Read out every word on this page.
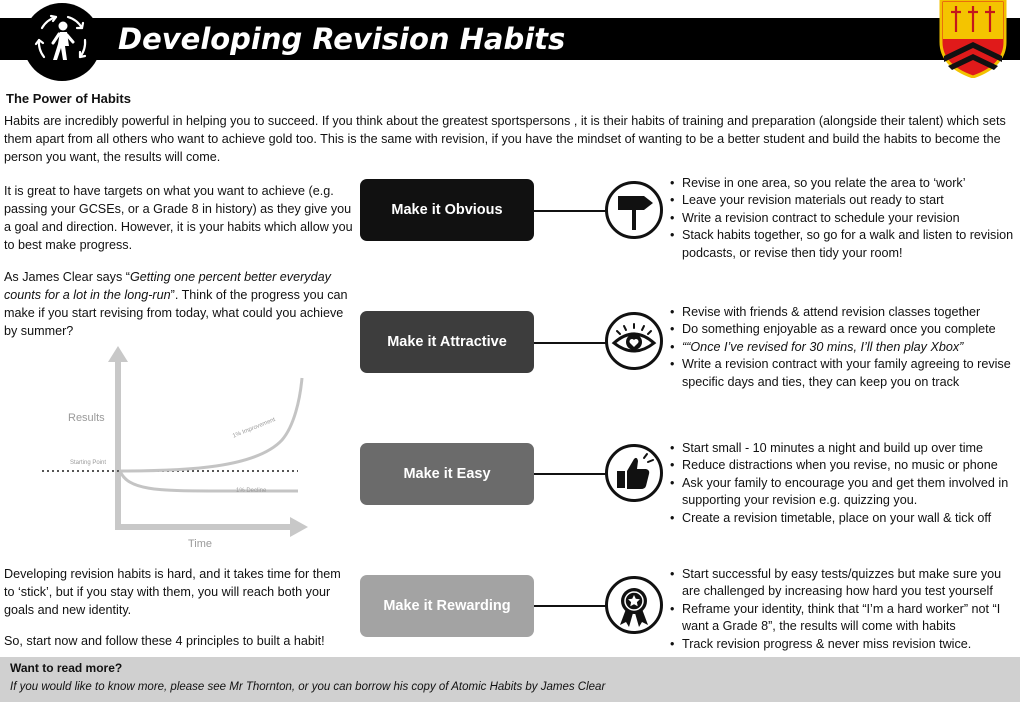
Developing Revision Habits
The Power of Habits
Habits are incredibly powerful in helping you to succeed. If you think about the greatest sportspersons , it is their habits of training and preparation (alongside their talent) which sets them apart from all others who want to achieve gold too. This is the same with revision, if you have the mindset of wanting to be a better student and build the habits to become the person you want, the results will come.
It is great to have targets on what you want to achieve (e.g. passing your GCSEs, or a Grade 8 in history) as they give you a goal and direction. However, it is your habits which allow you to best make progress.
As James Clear says “Getting one percent better everyday counts for a lot in the long-run”. Think of the progress you can make if you start revising from today, what could you achieve by summer?
Results
Time
Starting Point
1% Improvement
1% Decline
Developing revision habits is hard, and it takes time for them to ‘stick’, but if you stay with them, you will reach both your goals and new identity.
So, start now and follow these 4 principles to built a habit!
Make it Obvious
• Revise in one area, so you relate the area to ‘work’
• Leave your revision materials out ready to start
• Write a revision contract to schedule your revision
• Stack habits together, so go for a walk and listen to revision podcasts, or revise then tidy your room!
Make it Attractive
• Revise with friends & attend revision classes together
• Do something enjoyable as a reward once you complete
• ““Once I’ve revised for 30 mins, I’ll then play Xbox”
• Write a revision contract with your family agreeing to revise specific days and ties, they can keep you on track
Make it Easy
• Start small - 10 minutes a night and build up over time
• Reduce distractions when you revise, no music or phone
• Ask your family to encourage you and get them involved in supporting your revision e.g. quizzing you.
• Create a revision timetable, place on your wall & tick off
Make it Rewarding
• Start successful by easy tests/quizzes but make sure you are challenged by increasing how hard you test yourself
• Reframe your identity, think that “I’m a hard worker” not “I want a Grade 8”, the results will come with habits
• Track revision progress & never miss revision twice.
Want to read more?
If you would like to know more, please see Mr Thornton, or you can borrow his copy of Atomic Habits by James Clear
